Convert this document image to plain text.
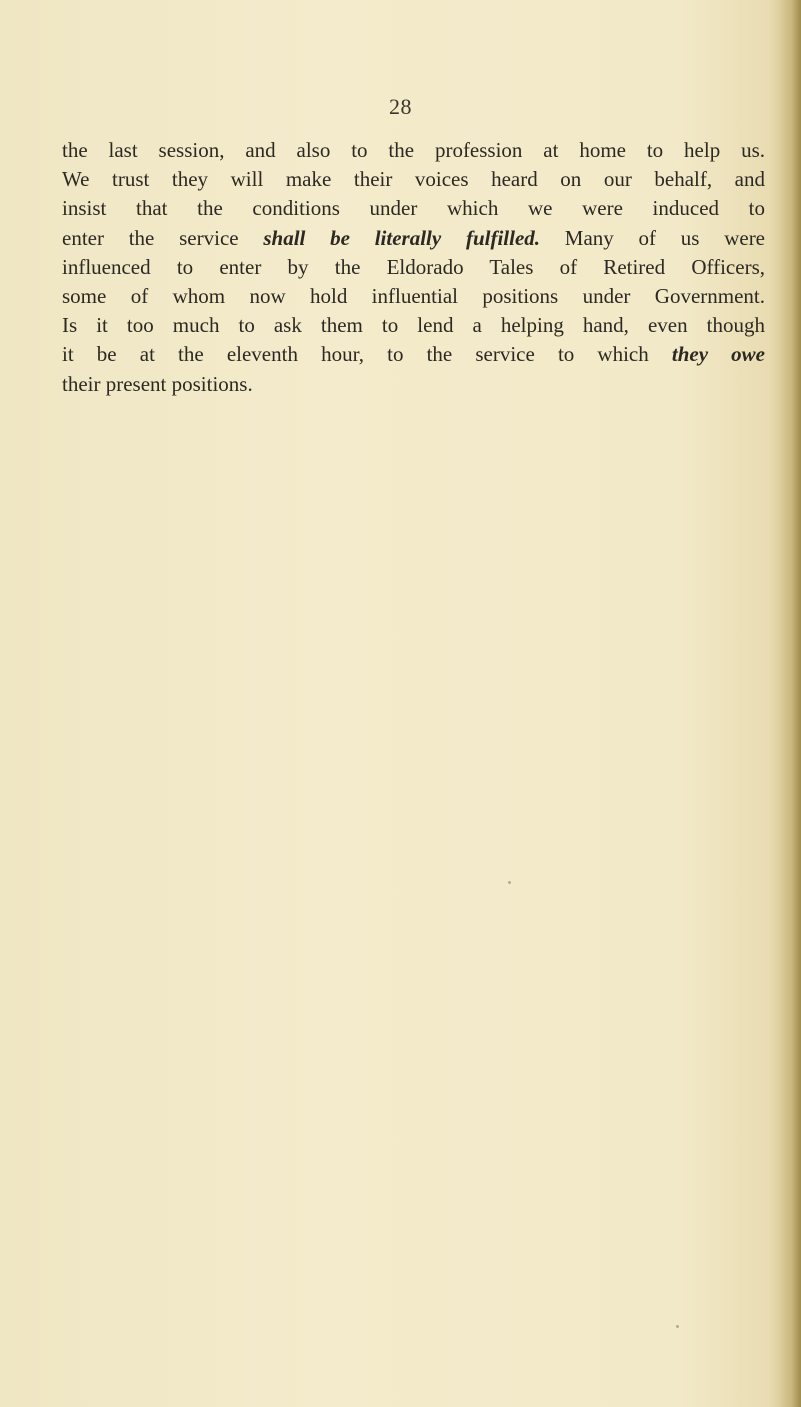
28
the last session, and also to the profession at home to help us.
We trust they will make their voices heard on our behalf, and
insist that the conditions under which we were induced to
enter the service shall be literally fulfilled. Many of us were
influenced to enter by the Eldorado Tales of Retired Officers,
some of whom now hold influential positions under Government.
Is it too much to ask them to lend a helping hand, even though
it be at the eleventh hour, to the service to which they owe
their present positions.
